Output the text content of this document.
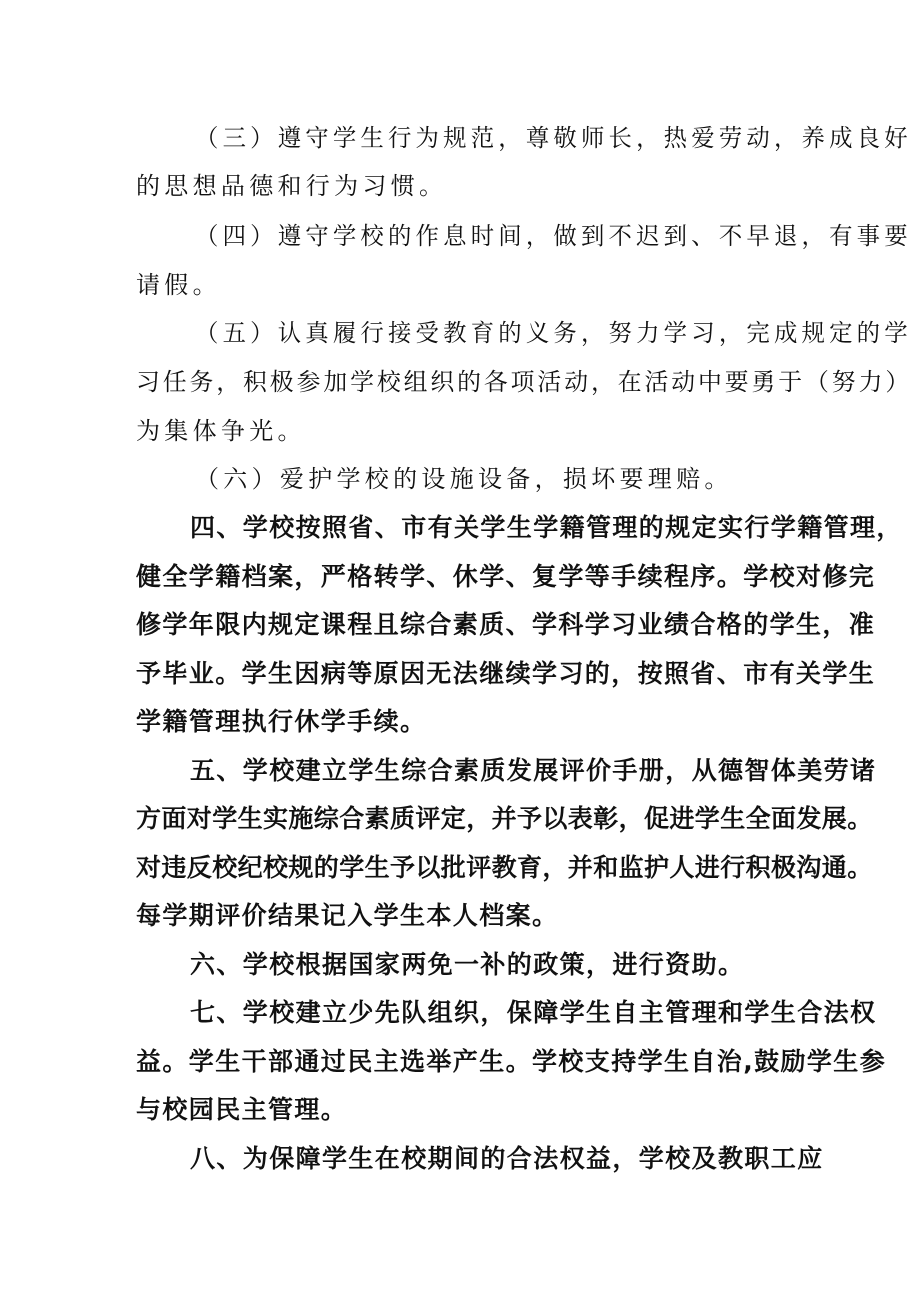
（三）遵守学生行为规范，尊敬师长，热爱劳动，养成良好
的思想品德和行为习惯。
（四）遵守学校的作息时间，做到不迟到、不早退，有事要
请假。
（五）认真履行接受教育的义务，努力学习，完成规定的学
习任务，积极参加学校组织的各项活动，在活动中要勇于（努力）
为集体争光。
（六）爱护学校的设施设备，损坏要理赔。
四、学校按照省、市有关学生学籍管理的规定实行学籍管理，
健全学籍档案，严格转学、休学、复学等手续程序。学校对修完
修学年限内规定课程且综合素质、学科学习业绩合格的学生，准
予毕业。学生因病等原因无法继续学习的，按照省、市有关学生
学籍管理执行休学手续。
五、学校建立学生综合素质发展评价手册，从德智体美劳诸
方面对学生实施综合素质评定，并予以表彰，促进学生全面发展。
对违反校纪校规的学生予以批评教育，并和监护人进行积极沟通。
每学期评价结果记入学生本人档案。
六、学校根据国家两免一补的政策，进行资助。
七、学校建立少先队组织，保障学生自主管理和学生合法权
益。学生干部通过民主选举产生。学校支持学生自治,鼓励学生参
与校园民主管理。
八、为保障学生在校期间的合法权益，学校及教职工应
